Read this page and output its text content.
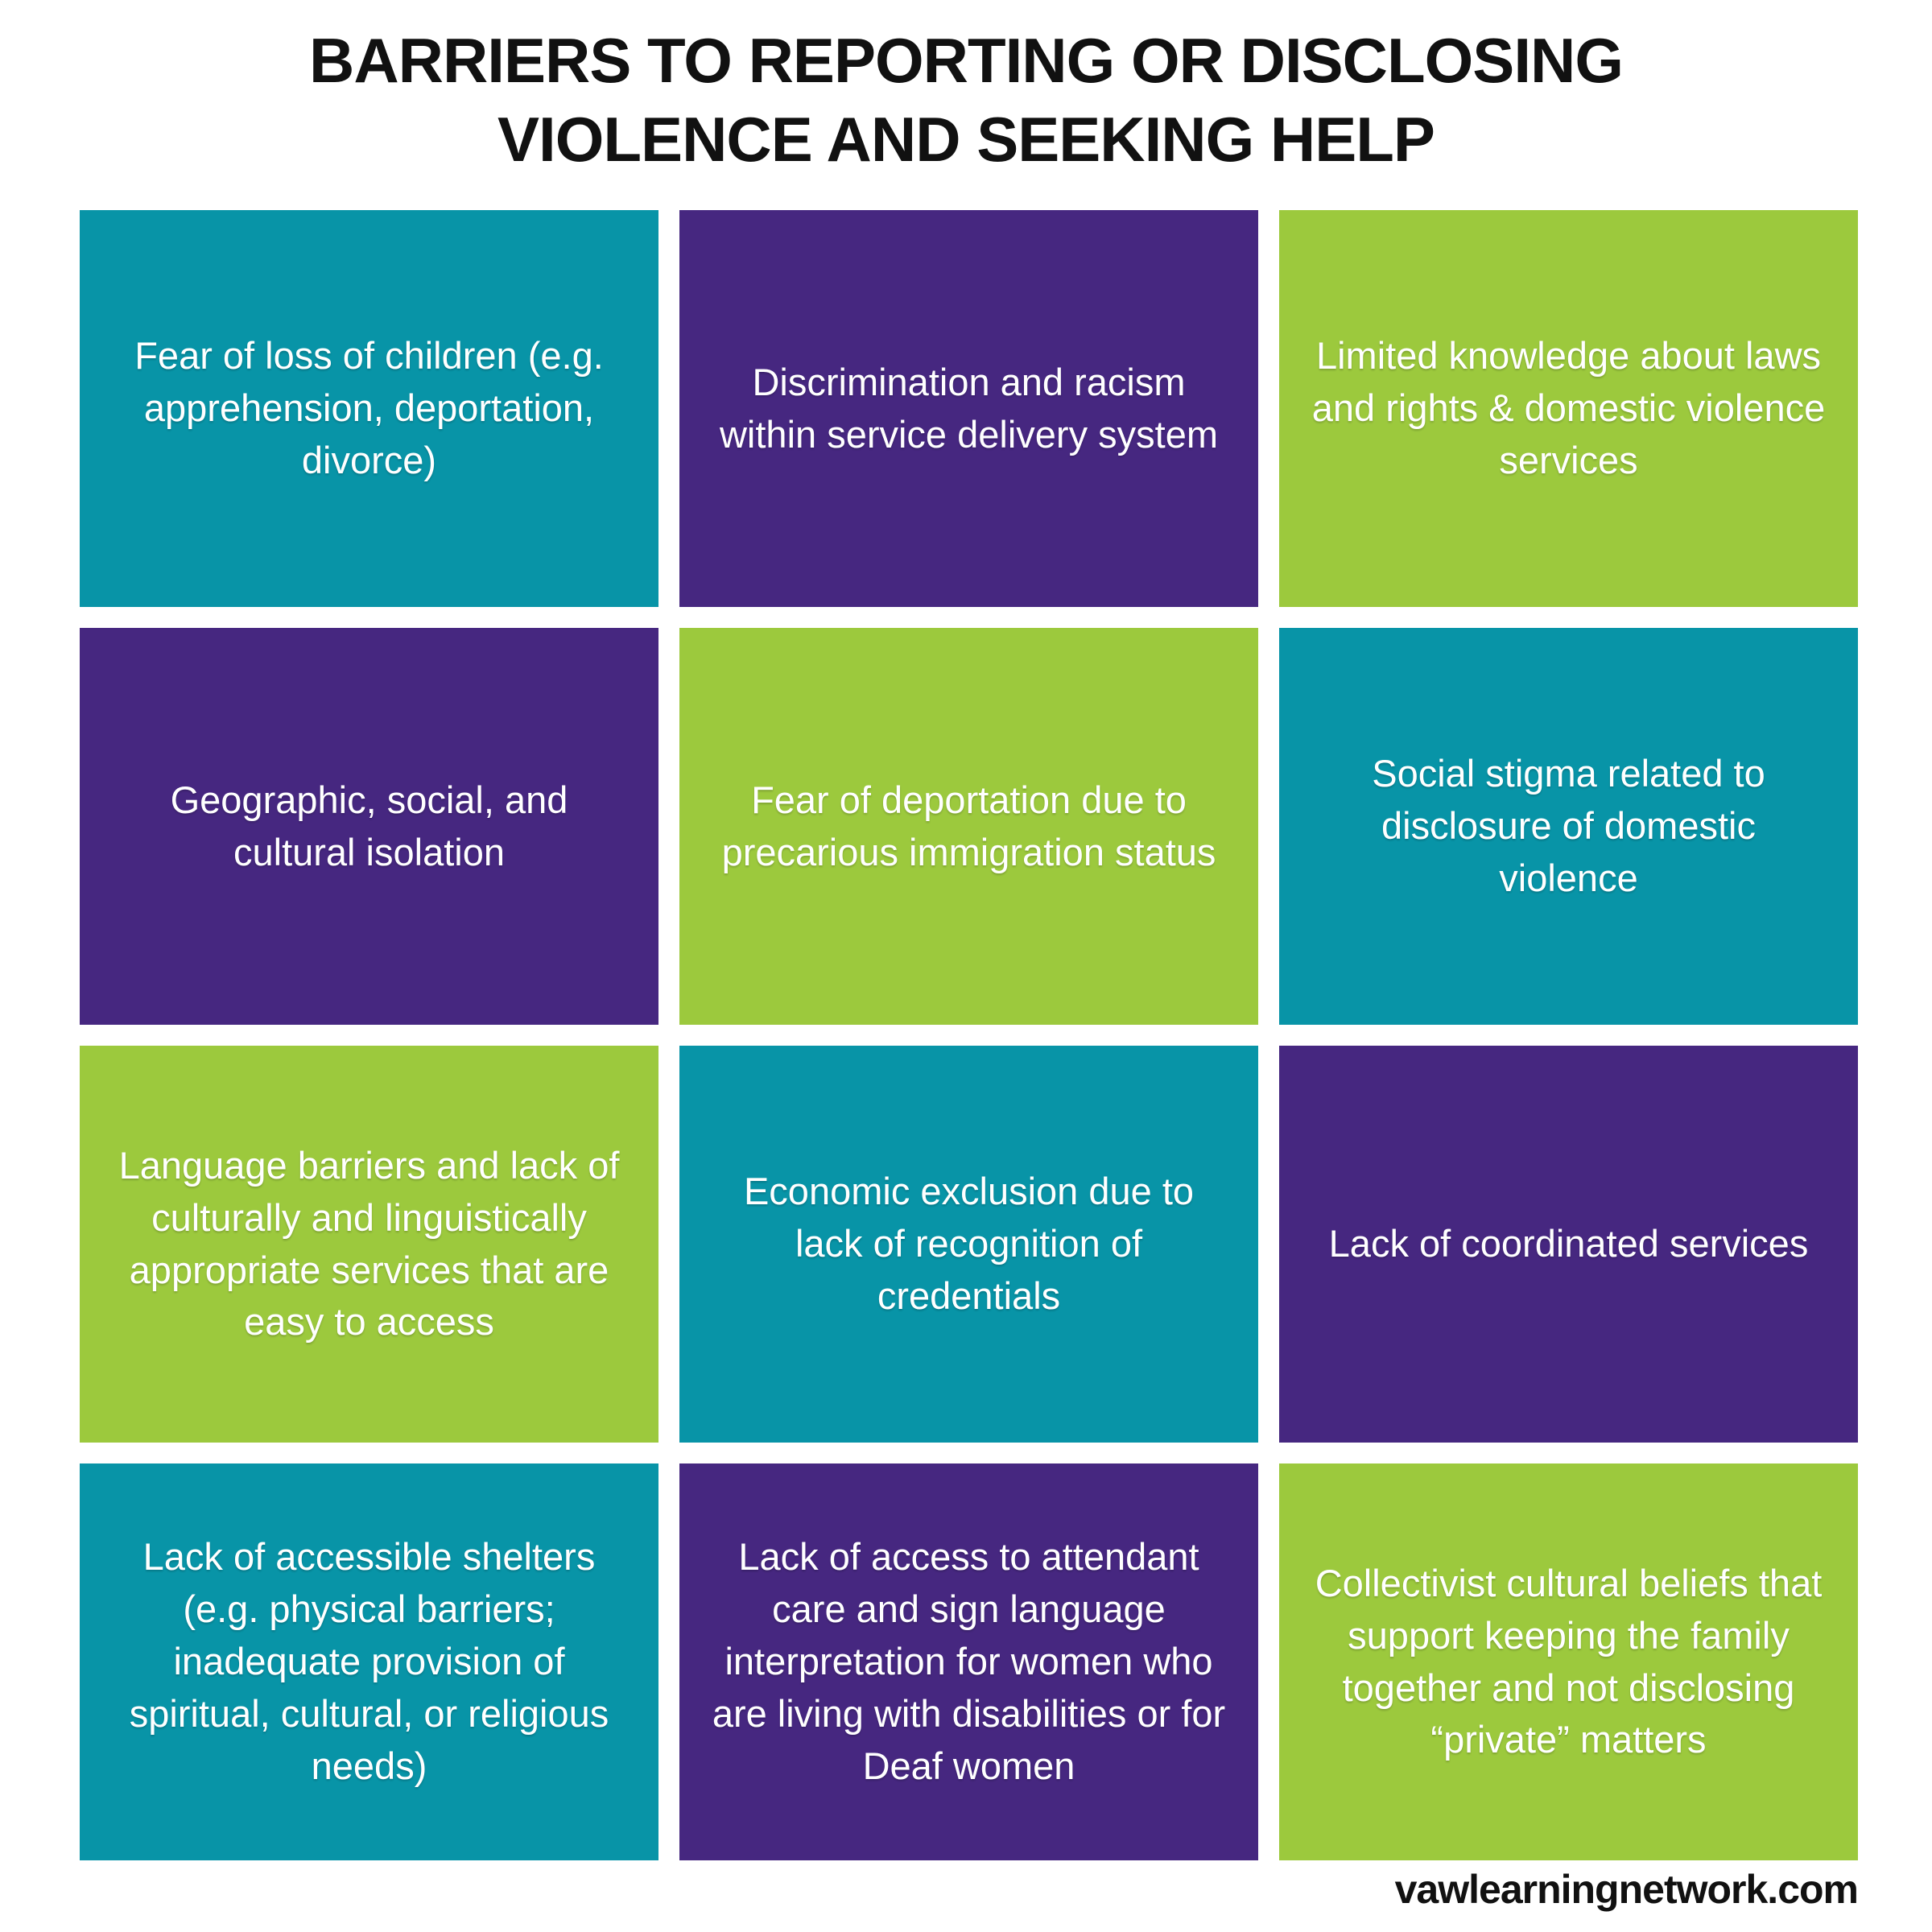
BARRIERS TO REPORTING OR DISCLOSING
VIOLENCE AND SEEKING HELP
Fear of loss of children (e.g. apprehension, deportation, divorce)
Discrimination and racism within service delivery system
Limited knowledge about laws and rights & domestic violence services
Geographic, social, and cultural isolation
Fear of deportation due to precarious immigration status
Social stigma related to disclosure of domestic violence
Language barriers and lack of culturally and linguistically appropriate services that are easy to access
Economic exclusion due to lack of recognition of credentials
Lack of coordinated services
Lack of accessible shelters (e.g. physical barriers; inadequate provision of spiritual, cultural, or religious needs)
Lack of access to attendant care and sign language interpretation for women who are living with disabilities or for Deaf women
Collectivist cultural beliefs that support keeping the family together and not disclosing “private” matters
vawlearningnetwork.com
